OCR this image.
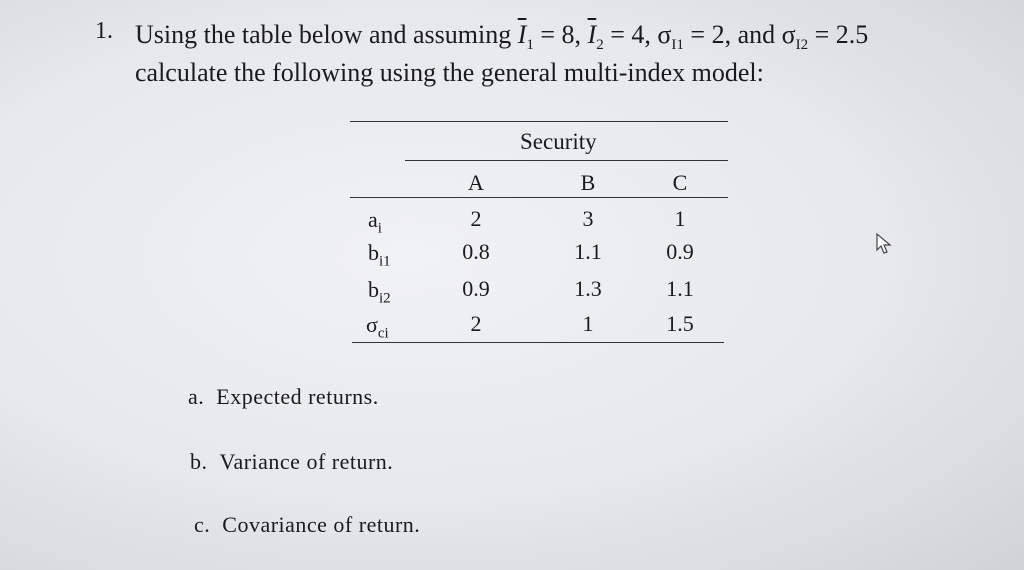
1. Using the table below and assuming $\overline{I}_1 = 8$, $\overline{I}_2 = 4$, $\sigma_{I1} = 2$, and $\sigma_{I2} = 2.5$
calculate the following using the general multi-index model:
Security
A	B	C
$a_i$	2	3	1
$b_{i1}$	0.8	1.1	0.9
$b_{i2}$	0.9	1.3	1.1
$\sigma_{ci}$	2	1	1.5
a. Expected returns.
b. Variance of return.
c. Covariance of return.
